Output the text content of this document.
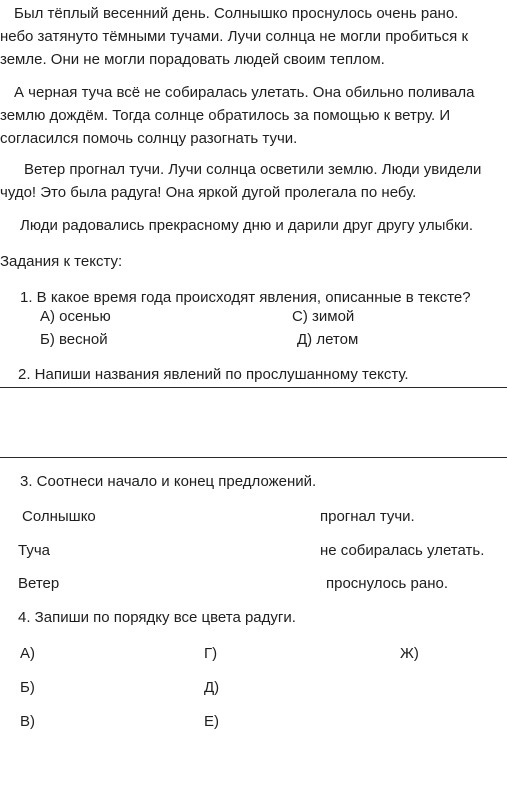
Был тёплый весенний день. Солнышко проснулось очень рано.
небо затянуто тёмными тучами. Лучи солнца не могли пробиться к
земле. Они не могли порадовать людей своим теплом.
А черная туча всё не собиралась улетать. Она обильно поливала
землю дождём. Тогда солнце обратилось за помощью к ветру. И
согласился помочь солнцу разогнать тучи.
Ветер прогнал тучи. Лучи солнца осветили землю. Люди увидели
чудо! Это была радуга! Она яркой дугой пролегала по небу.
Люди радовались прекрасному дню и дарили друг другу улыбки.
Задания к тексту:
1. В какое время года происходят явления, описанные в тексте?
А) осенью	С) зимой
Б) весной	Д) летом
2. Напиши названия явлений по прослушанному тексту.
3. Соотнеси начало и конец предложений.
Солнышко	прогнал тучи.
Туча	не собиралась улетать.
Ветер	проснулось рано.
4. Запиши по порядку все цвета радуги.
А)	Г)	Ж)
Б)	Д)
В)	Е)
